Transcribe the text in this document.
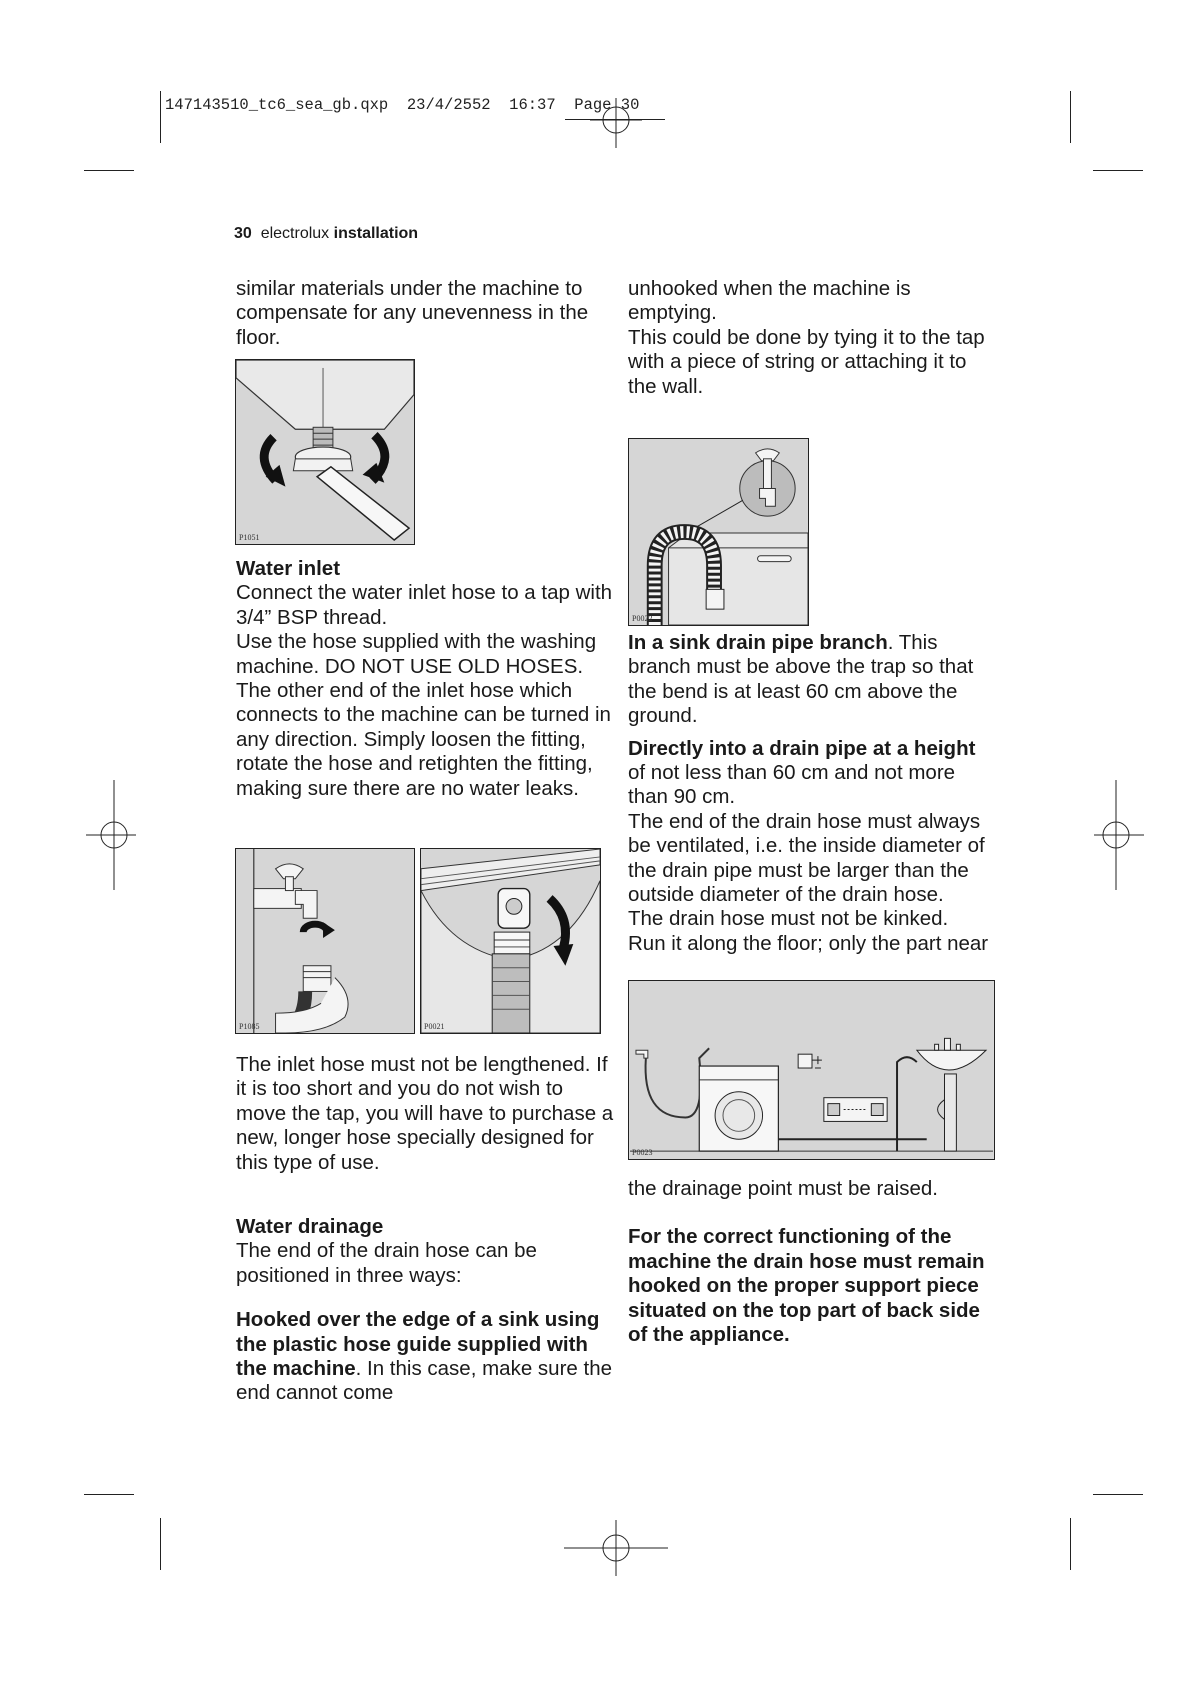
147143510_tc6_sea_gb.qxp  23/4/2552  16:37  Page 30
30 electrolux installation

similar materials under the machine to compensate for any unevenness in the floor.

P1051
Water inlet

Connect the water inlet hose to a tap with 3/4” BSP thread.

Use the hose supplied with the washing machine. DO NOT USE OLD HOSES.

The other end of the inlet hose which connects to the machine can be turned in any direction. Simply loosen the fitting, rotate the hose and retighten the fitting, making sure there are no water leaks.

P1085	P0021

The inlet hose must not be lengthened. If it is too short and you do not wish to move the tap, you will have to purchase a new, longer hose specially designed for this type of use.

Water drainage

The end of the drain hose can be positioned in three ways:

Hooked over the edge of a sink using the plastic hose guide supplied with the machine. In this case, make sure the end cannot come

unhooked when the machine is emptying.

This could be done by tying it to the tap with a piece of string or attaching it to the wall.

P0022

In a sink drain pipe branch. This branch must be above the trap so that the bend is at least 60 cm above the ground.

Directly into a drain pipe at a height of not less than 60 cm and not more than 90 cm.

The end of the drain hose must always be ventilated, i.e. the inside diameter of the drain pipe must be larger than the outside diameter of the drain hose.

The drain hose must not be kinked.

Run it along the floor; only the part near

P0023

the drainage point must be raised.

For the correct functioning of the machine the drain hose must remain hooked on the proper support piece situated on the top part of back side of the appliance.
